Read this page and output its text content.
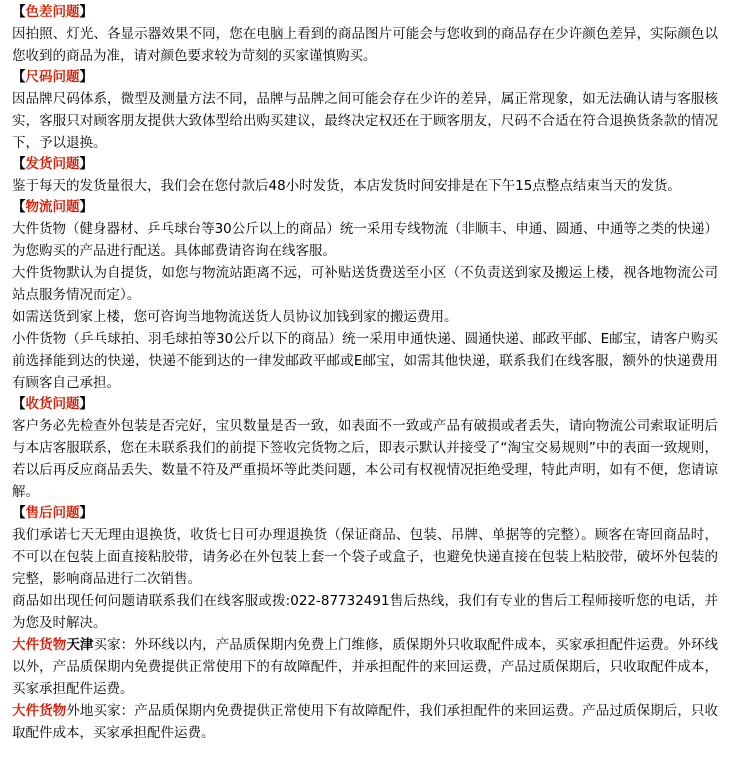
【色差问题】

因拍照、灯光、各显示器效果不同，您在电脑上看到的商品图片可能会与您收到的商品存在少许颜色差异，实际颜色以您收到的商品为准，请对颜色要求较为苛刻的买家谨慎购买。

【尺码问题】

因品牌尺码体系，微型及测量方法不同，品牌与品牌之间可能会存在少许的差异，属正常现象，如无法确认请与客服核实，客服只对顾客朋友提供大致体型给出购买建议，最终决定权还在于顾客朋友，尺码不合适在符合退换货条款的情况下，予以退换。

【发货问题】

鉴于每天的发货量很大，我们会在您付款后48小时发货，本店发货时间安排是在下午15点整点结束当天的发货。

【物流问题】

大件货物（健身器材、乒乓球台等30公斤以上的商品）统一采用专线物流（非顺丰、申通、圆通、中通等之类的快递）为您购买的产品进行配送。具体邮费请咨询在线客服。

大件货物默认为自提货，如您与物流站距离不远，可补贴送货费送至小区（不负责送到家及搬运上楼，视各地物流公司站点服务情况而定）。

如需送货到家上楼，您可咨询当地物流送货人员协议加钱到家的搬运费用。

小件货物（乒乓球拍、羽毛球拍等30公斤以下的商品）统一采用申通快递、圆通快递、邮政平邮、E邮宝，请客户购买前选择能到达的快递，快递不能到达的一律发邮政平邮或E邮宝，如需其他快递，联系我们在线客服，额外的快递费用有顾客自己承担。

【收货问题】

客户务必先检查外包装是否完好，宝贝数量是否一致，如表面不一致或产品有破损或者丢失，请向物流公司索取证明后与本店客服联系，您在未联系我们的前提下签收完货物之后，即表示默认并接受了“淘宝交易规则”中的表面一致规则，若以后再反应商品丢失、数量不符及严重损坏等此类问题，本公司有权视情况拒绝受理，特此声明，如有不便，您请谅解。

【售后问题】

我们承诺七天无理由退换货，收货七日可办理退换货（保证商品、包装、吊牌、单据等的完整）。顾客在寄回商品时，不可以在包装上面直接粘胶带，请务必在外包装上套一个袋子或盒子，也避免快递直接在包装上粘胶带，破坏外包装的完整，影响商品进行二次销售。

商品如出现任何问题请联系我们在线客服或拨:022-87732491售后热线，我们有专业的售后工程师接听您的电话，并为您及时解决。

大件货物天津买家：外环线以内，产品质保期内免费上门维修，质保期外只收取配件成本，买家承担配件运费。外环线以外，产品质保期内免费提供正常使用下的有故障配件，并承担配件的来回运费，产品过质保期后，只收取配件成本，买家承担配件运费。

大件货物外地买家：产品质保期内免费提供正常使用下有故障配件，我们承担配件的来回运费。产品过质保期后，只收取配件成本，买家承担配件运费。
